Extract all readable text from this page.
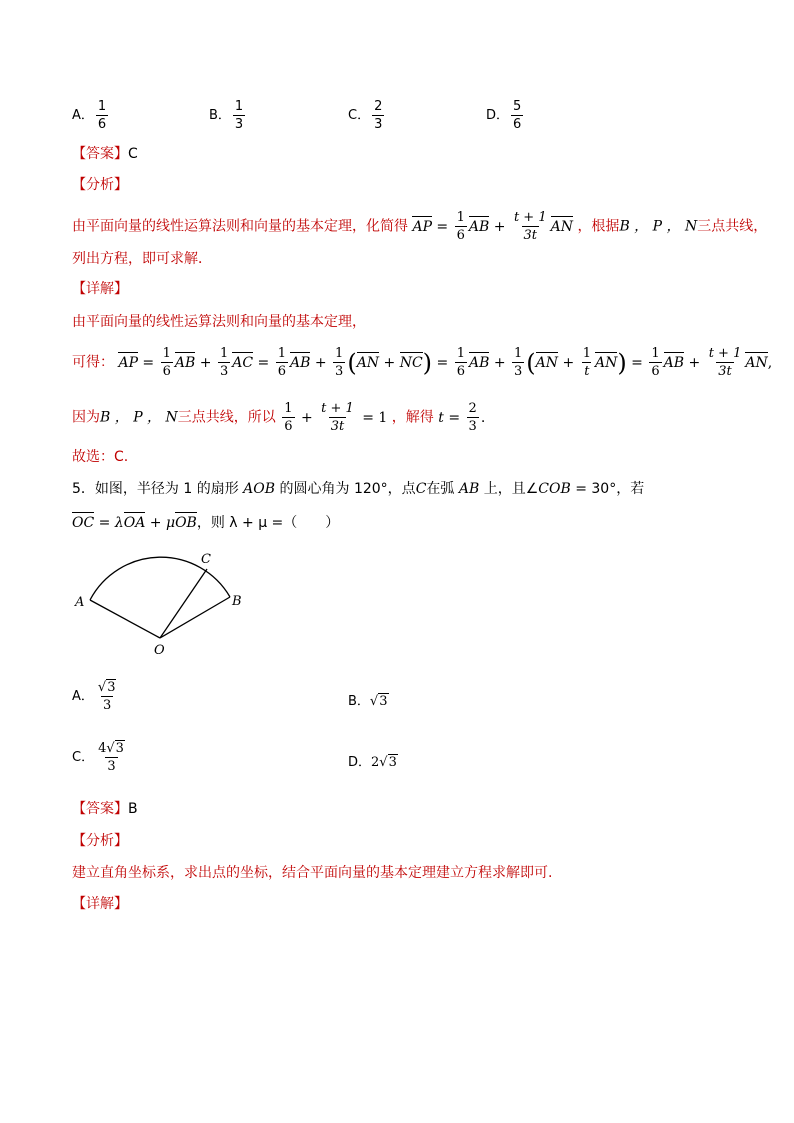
A． $\frac{1}{6}$	B． $\frac{1}{3}$	C． $\frac{2}{3}$	D． $\frac{5}{6}$
【答案】C
【分析】
由平面向量的线性运算法则和向量的基本定理，化简得 AP = $\frac{1}{6}$ AB + $\frac{t + 1}{3t}$ AN ，根据B ， P ， N三点共线，
列出方程，即可求解．
【详解】
由平面向量的线性运算法则和向量的基本定理，
可得： AP = $\frac{1}{6}$ AB + $\frac{1}{3}$ AC = $\frac{1}{6}$ AB + $\frac{1}{3} (AN + NC) = \frac{1}{6}$ AB + $\frac{1}{3} (AN + \frac{1}{t} AN) = \frac{1}{6}$ AB + $\frac{t + 1}{3t}$ AN,
因为B ， P ， N三点共线，所以 $\frac{1}{6} + \frac{t + 1}{3t} = 1$ ，解得 $t = \frac{2}{3}$ .
故选：C.
5．如图，半径为 1 的扇形 AOB 的圆心角为 120°，点C在弧 AB 上，且∠COB = 30°，若
OC = λOA + μOB，则 λ + μ =（　　）
A	B
C
O
A． $\frac{√3}{3}$	B．√3
C． $\frac{4√3}{3}$	D．2√3
【答案】B
【分析】
建立直角坐标系，求出点的坐标，结合平面向量的基本定理建立方程求解即可.
【详解】
